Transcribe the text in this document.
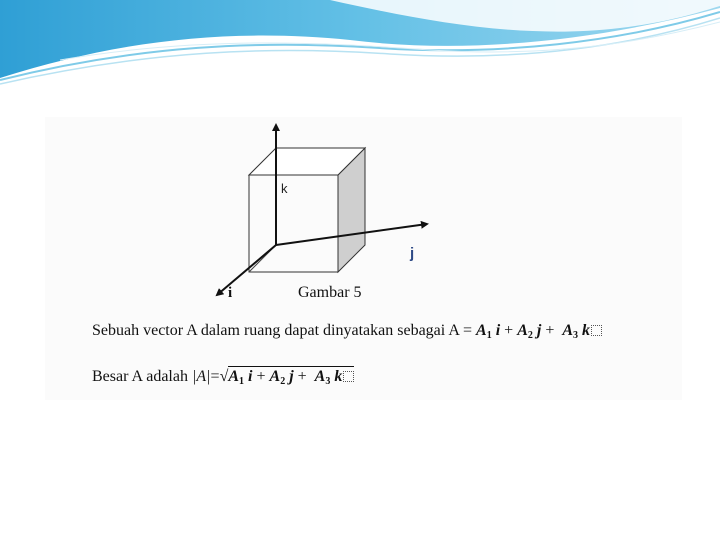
k
j
i	Gambar 5
Sebuah vector A dalam ruang dapat dinyatakan sebagai $A = A_1$ $i + A_2$ $j + A_3$ k
Besar A adalah $|A|=√A_1$ $i + A_2$ $j + A_3$ k
